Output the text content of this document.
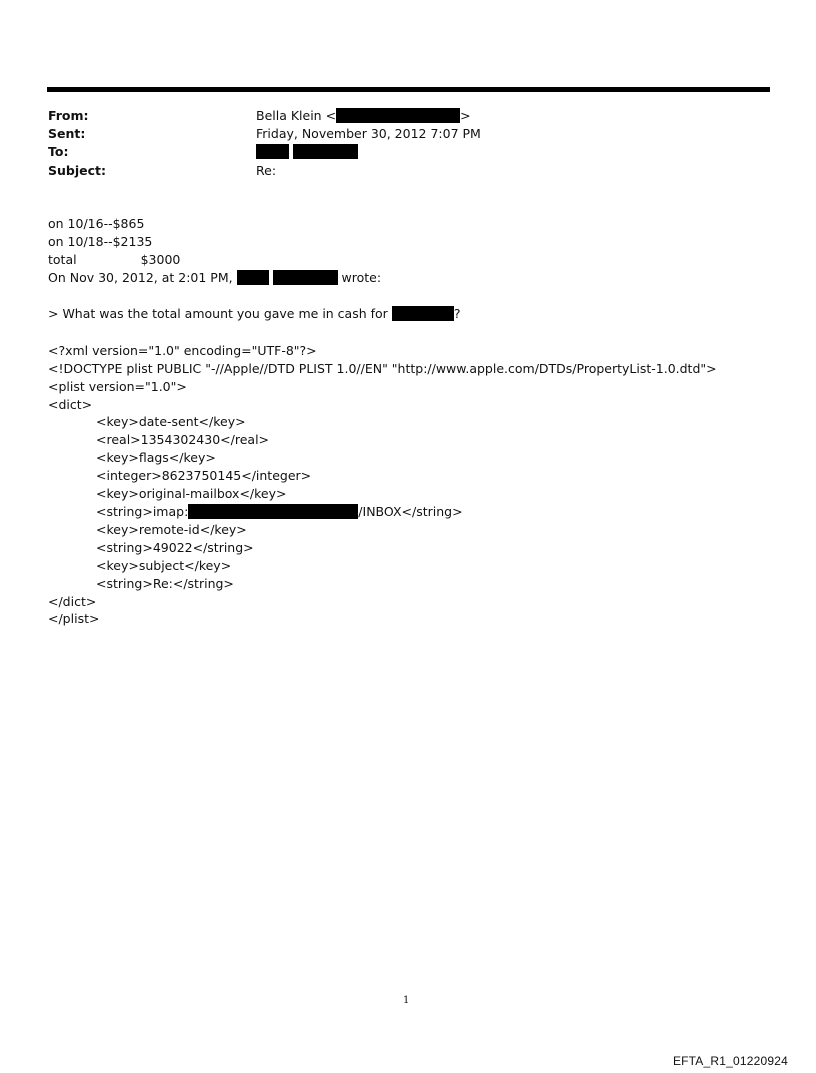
From:	Bella Klein <	>
Sent:	Friday, November 30, 2012 7:07 PM
To:

Subject:	Re:
on 10/16--$865
on 10/18--$2135
total	$3000
On Nov 30, 2012, at 2:01 PM,	wrote:
> What was the total amount you gave me in cash for	?
<?xml version="1.0" encoding="UTF-8"?>
<!DOCTYPE plist PUBLIC "-//Apple//DTD PLIST 1.0//EN" "http://www.apple.com/DTDs/PropertyList-1.0.dtd">
<plist version="1.0">
<dict>
<key>date-sent</key>
<real>1354302430</real>
<key>flags</key>
<integer>8623750145</integer>
<key>original-mailbox</key>
<string>imap:	/INBOX</string>
<key>remote-id</key>
<string>49022</string>
<key>subject</key>
<string>Re:</string>
</dict>
</plist>
1
EFTA_R1_01220924
